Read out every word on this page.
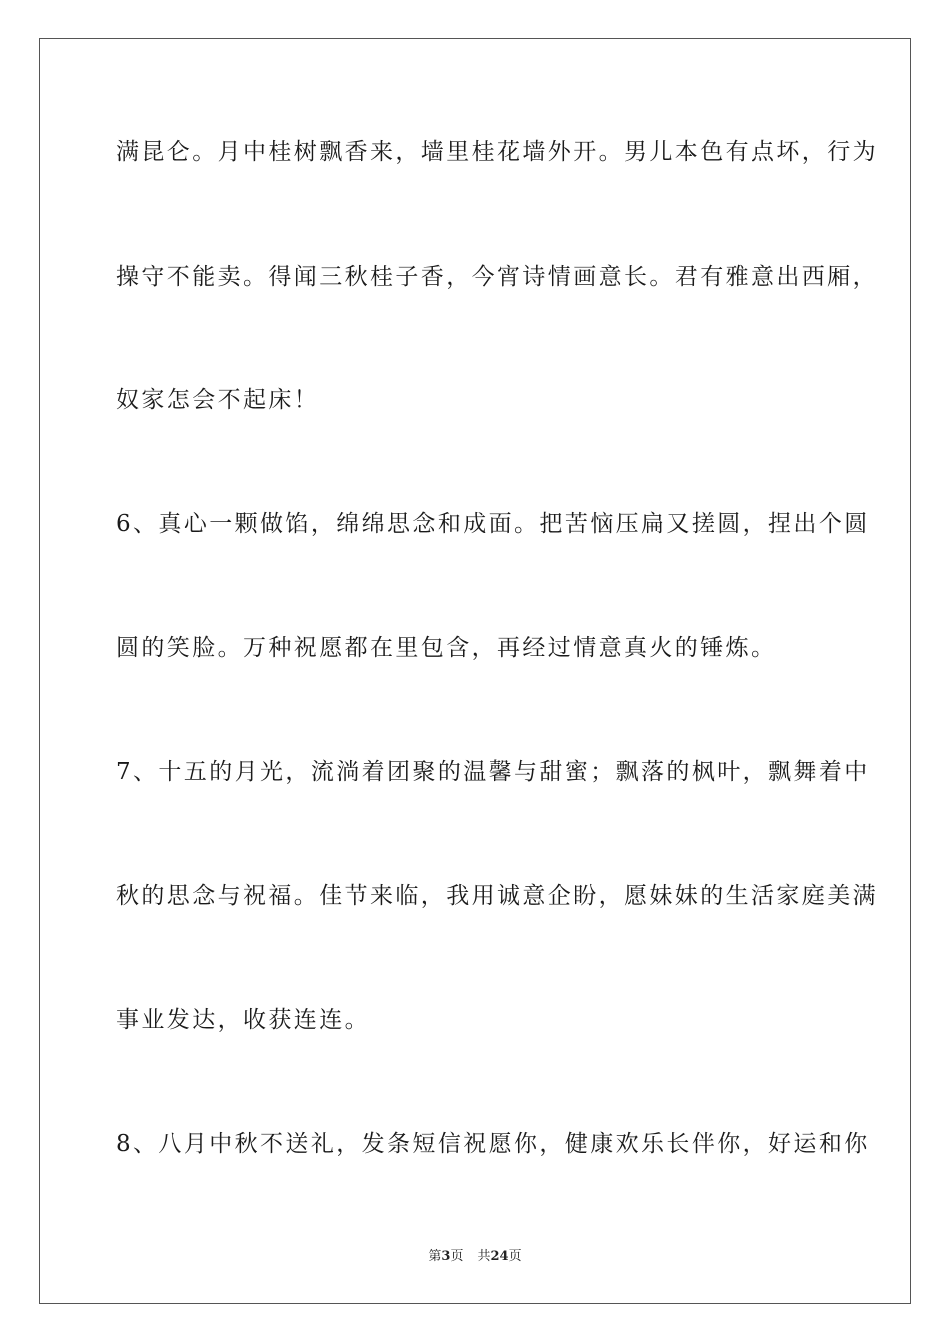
满昆仑。月中桂树飘香来，墙里桂花墙外开。男儿本色有点坏，行为
操守不能卖。得闻三秋桂子香，今宵诗情画意长。君有雅意出西厢，
奴家怎会不起床！
6、真心一颗做馅，绵绵思念和成面。把苦恼压扁又搓圆，捏出个圆
圆的笑脸。万种祝愿都在里包含，再经过情意真火的锤炼。
7、十五的月光，流淌着团聚的温馨与甜蜜；飘落的枫叶，飘舞着中
秋的思念与祝福。佳节来临，我用诚意企盼，愿妹妹的生活家庭美满
事业发达，收获连连。
8、八月中秋不送礼，发条短信祝愿你，健康欢乐长伴你，好运和你
第3页 共24页
